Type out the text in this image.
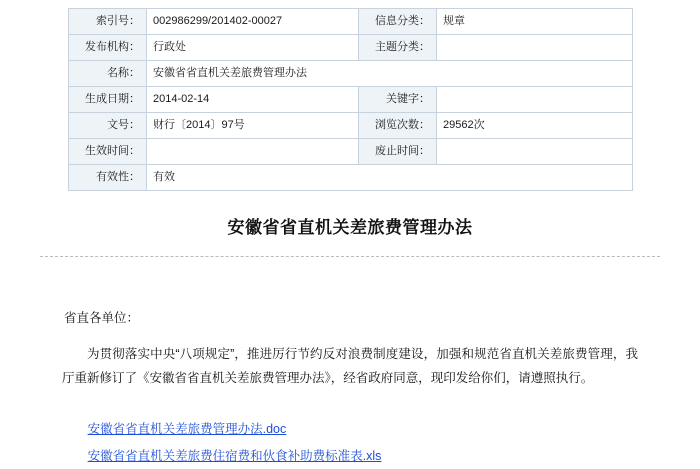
索引号：	002986299/201402-00027	信息分类：	规章
发布机构：	行政处	主题分类：	
名称：	安徽省省直机关差旅费管理办法		
生成日期：	2014-02-14	关键字：	
文号：	财行〔2014〕97号	浏览次数：	29562次
生效时间：		废止时间：	
有效性：	有效		
安徽省省直机关差旅费管理办法
省直各单位：
为贯彻落实中央“八项规定”，推进厉行节约反对浪费制度建设，加强和规范省直机关差旅费管理，我厅重新修订了《安徽省省直机关差旅费管理办法》，经省政府同意，现印发给你们，请遵照执行。
安徽省省直机关差旅费管理办法.doc
安徽省省直机关差旅费住宿费和伙食补助费标准表.xls
